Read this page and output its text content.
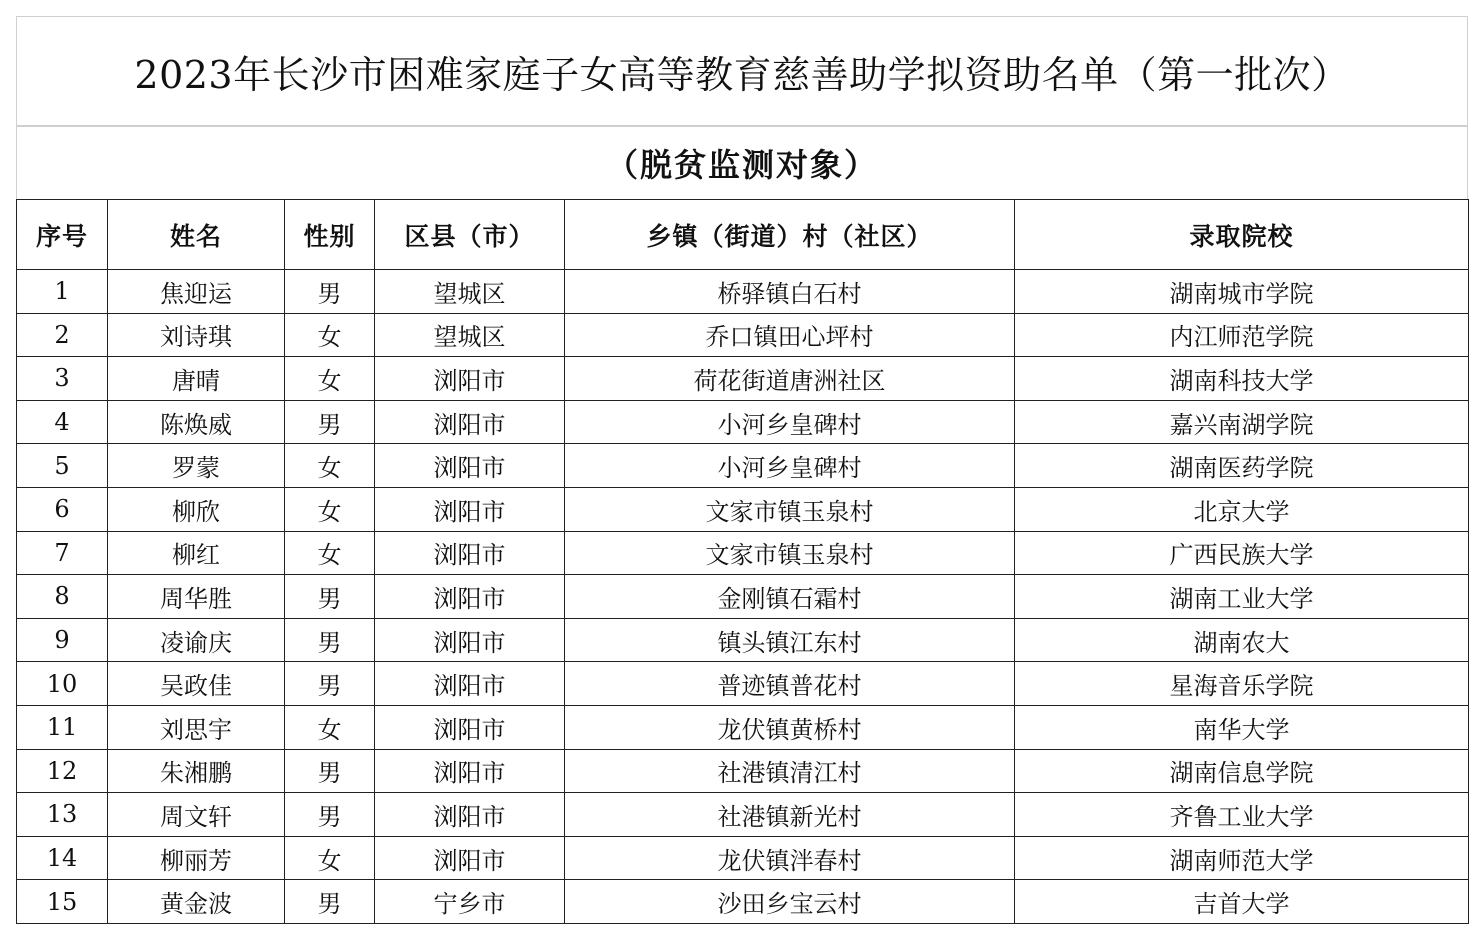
2023年长沙市困难家庭子女高等教育慈善助学拟资助名单（第一批次）
（脱贫监测对象）
序号	姓名	性别	区县（市）	乡镇（街道）村（社区）	录取院校
1	焦迎运	男	望城区	桥驿镇白石村	湖南城市学院
2	刘诗琪	女	望城区	乔口镇田心坪村	内江师范学院
3	唐晴	女	浏阳市	荷花街道唐洲社区	湖南科技大学
4	陈焕威	男	浏阳市	小河乡皇碑村	嘉兴南湖学院
5	罗蒙	女	浏阳市	小河乡皇碑村	湖南医药学院
6	柳欣	女	浏阳市	文家市镇玉泉村	北京大学
7	柳红	女	浏阳市	文家市镇玉泉村	广西民族大学
8	周华胜	男	浏阳市	金刚镇石霜村	湖南工业大学
9	凌谕庆	男	浏阳市	镇头镇江东村	湖南农大
10	吴政佳	男	浏阳市	普迹镇普花村	星海音乐学院
11	刘思宇	女	浏阳市	龙伏镇黄桥村	南华大学
12	朱湘鹏	男	浏阳市	社港镇清江村	湖南信息学院
13	周文轩	男	浏阳市	社港镇新光村	齐鲁工业大学
14	柳丽芳	女	浏阳市	龙伏镇泮春村	湖南师范大学
15	黄金波	男	宁乡市	沙田乡宝云村	吉首大学
